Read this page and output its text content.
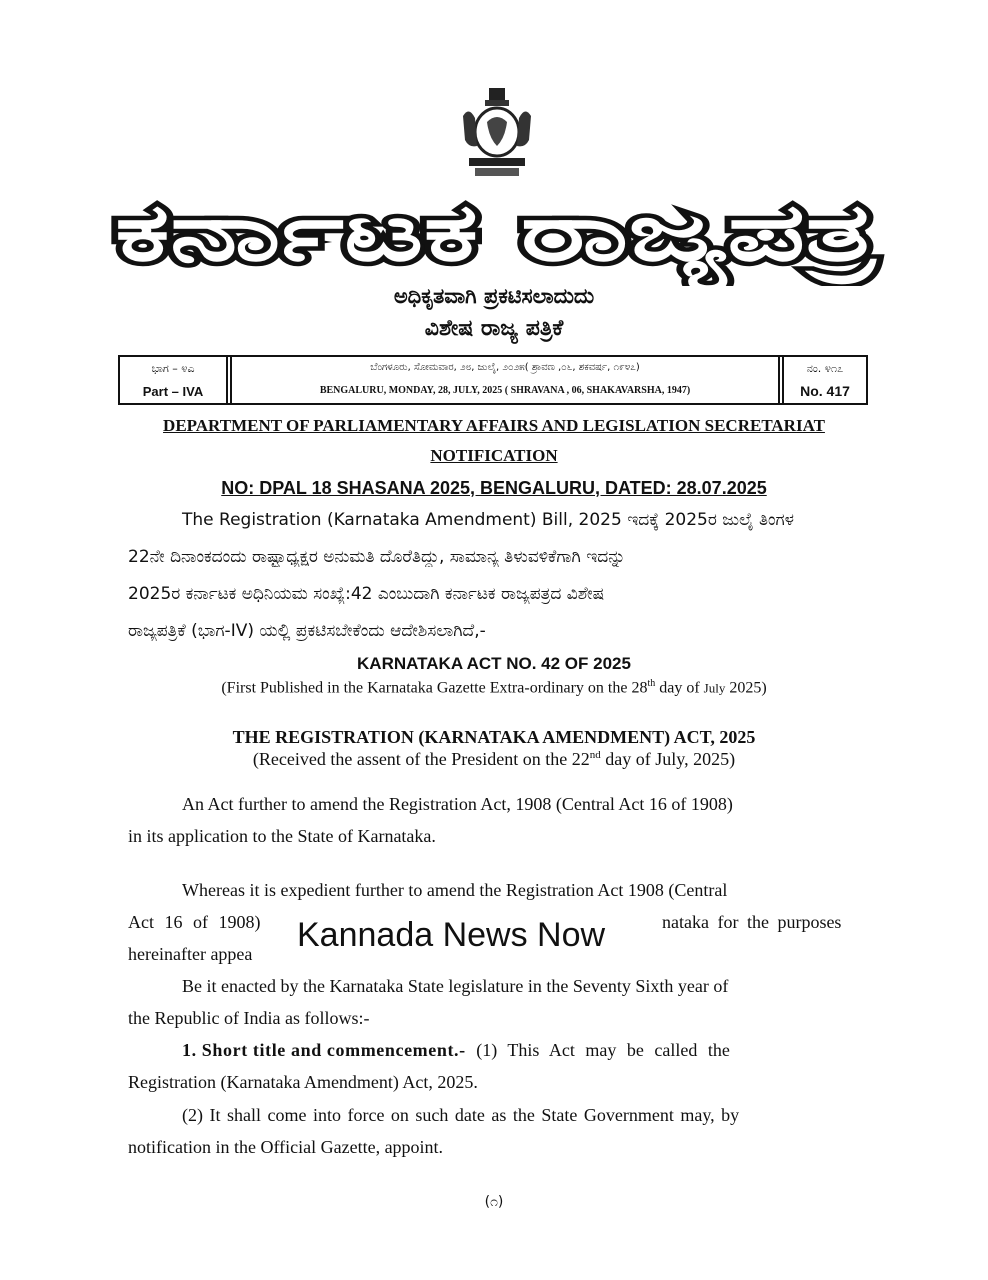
ಕರ್ನಾಟಕ ರಾಜ್ಯಪತ್ರ
ಅಧಿಕೃತವಾಗಿ ಪ್ರಕಟಿಸಲಾದುದು
ವಿಶೇಷ ರಾಜ್ಯ ಪತ್ರಿಕೆ
ಭಾಗ – ೪ಎ
Part – IVA
ಬೆಂಗಳೂರು, ಸೋಮವಾರ, ೨೮, ಜುಲೈ, ೨೦೨೫( ಶ್ರಾವಣ ,೦೬, ಶಕವರ್ಷ, ೧೯೪೭)
BENGALURU, MONDAY, 28, JULY, 2025 ( SHRAVANA , 06, SHAKAVARSHA, 1947)
ನಂ. ೪೧೭
No. 417
DEPARTMENT OF PARLIAMENTARY AFFAIRS AND LEGISLATION SECRETARIAT
NOTIFICATION
NO: DPAL 18 SHASANA 2025, BENGALURU, DATED: 28.07.2025
The Registration (Karnataka Amendment) Bill, 2025 ಇದಕ್ಕೆ 2025ರ ಜುಲೈ ತಿಂಗಳ
22ನೇ ದಿನಾಂಕದಂದು ರಾಷ್ಟ್ರಾಧ್ಯಕ್ಷರ ಅನುಮತಿ ದೊರೆತಿದ್ದು, ಸಾಮಾನ್ಯ ತಿಳುವಳಿಕೆಗಾಗಿ ಇದನ್ನು
2025ರ ಕರ್ನಾಟಕ ಅಧಿನಿಯಮ ಸಂಖ್ಯೆ:42 ಎಂಬುದಾಗಿ ಕರ್ನಾಟಕ ರಾಜ್ಯಪತ್ರದ ವಿಶೇಷ
ರಾಜ್ಯಪತ್ರಿಕೆ (ಭಾಗ-IV) ಯಲ್ಲಿ ಪ್ರಕಟಿಸಬೇಕೆಂದು ಆದೇಶಿಸಲಾಗಿದೆ,-
KARNATAKA ACT NO. 42 OF 2025
(First Published in the Karnataka Gazette Extra-ordinary on the 28th day of July 2025)
THE REGISTRATION (KARNATAKA AMENDMENT) ACT, 2025
(Received the assent of the President on the 22nd day of July, 2025)
An Act further to amend the Registration Act, 1908 (Central Act 16 of 1908)
in its application to the State of Karnataka.
Whereas it is expedient further to amend the Registration Act 1908 (Central
Act 16 of 1908)	nataka for the purposes
hereinafter appea	Kannada News Now
Be it enacted by the Karnataka State legislature in the Seventy Sixth year of
the Republic of India as follows:-
1. Short title and commencement.- (1) This Act may be called the
Registration (Karnataka Amendment) Act, 2025.
(2) It shall come into force on such date as the State Government may, by
notification in the Official Gazette, appoint.
(೧)
